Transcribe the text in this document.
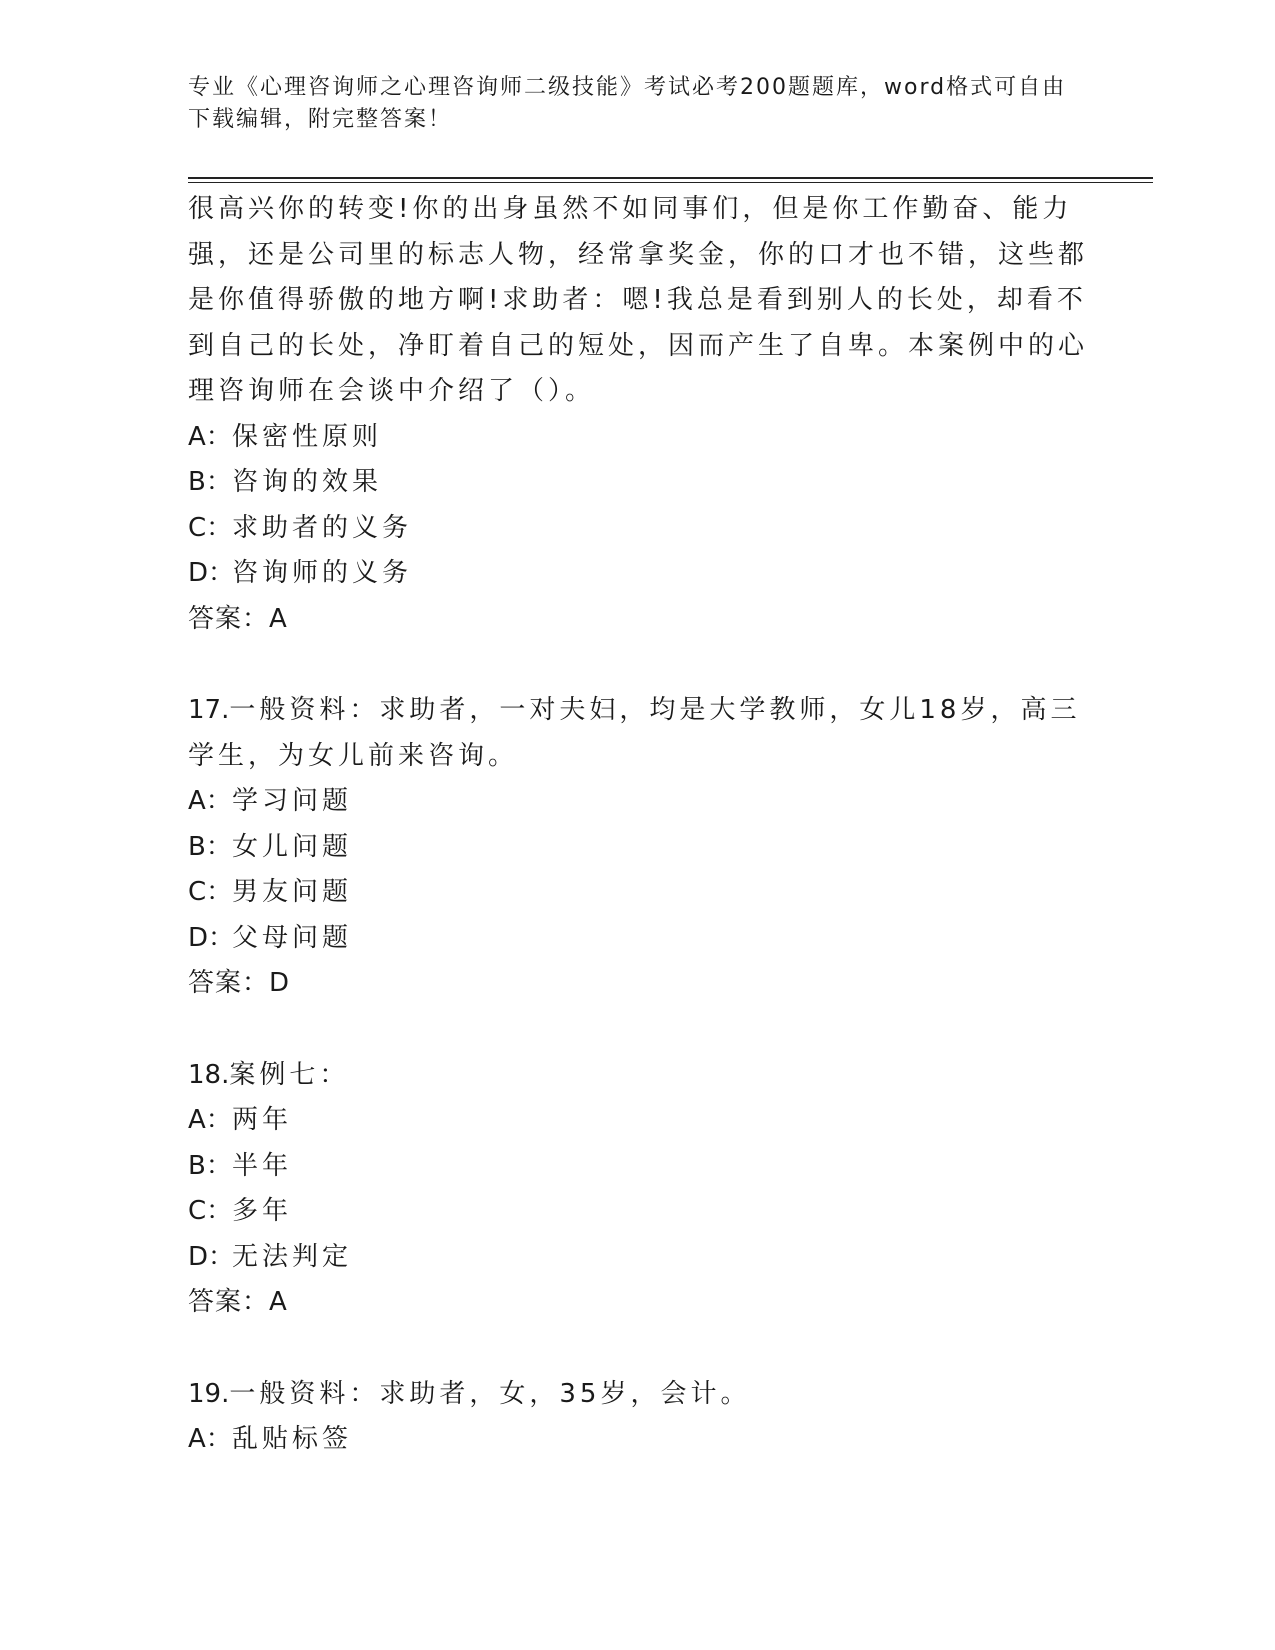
专业《心理咨询师之心理咨询师二级技能》考试必考200题题库，word格式可自由下载编辑，附完整答案！

很高兴你的转变!你的出身虽然不如同事们，但是你工作勤奋、能力强，还是公司里的标志人物，经常拿奖金，你的口才也不错，这些都是你值得骄傲的地方啊!求助者：嗯!我总是看到别人的长处，却看不到自己的长处，净盯着自己的短处，因而产生了自卑。本案例中的心理咨询师在会谈中介绍了（）。

A：保密性原则

B：咨询的效果

C：求助者的义务

D：咨询师的义务

答案：A

17.一般资料：求助者，一对夫妇，均是大学教师，女儿18岁，高三学生，为女儿前来咨询。

A：学习问题

B：女儿问题

C：男友问题

D：父母问题

答案：D

18.案例七：

A：两年

B：半年

C：多年

D：无法判定

答案：A

19.一般资料：求助者，女，35岁，会计。

A：乱贴标签
